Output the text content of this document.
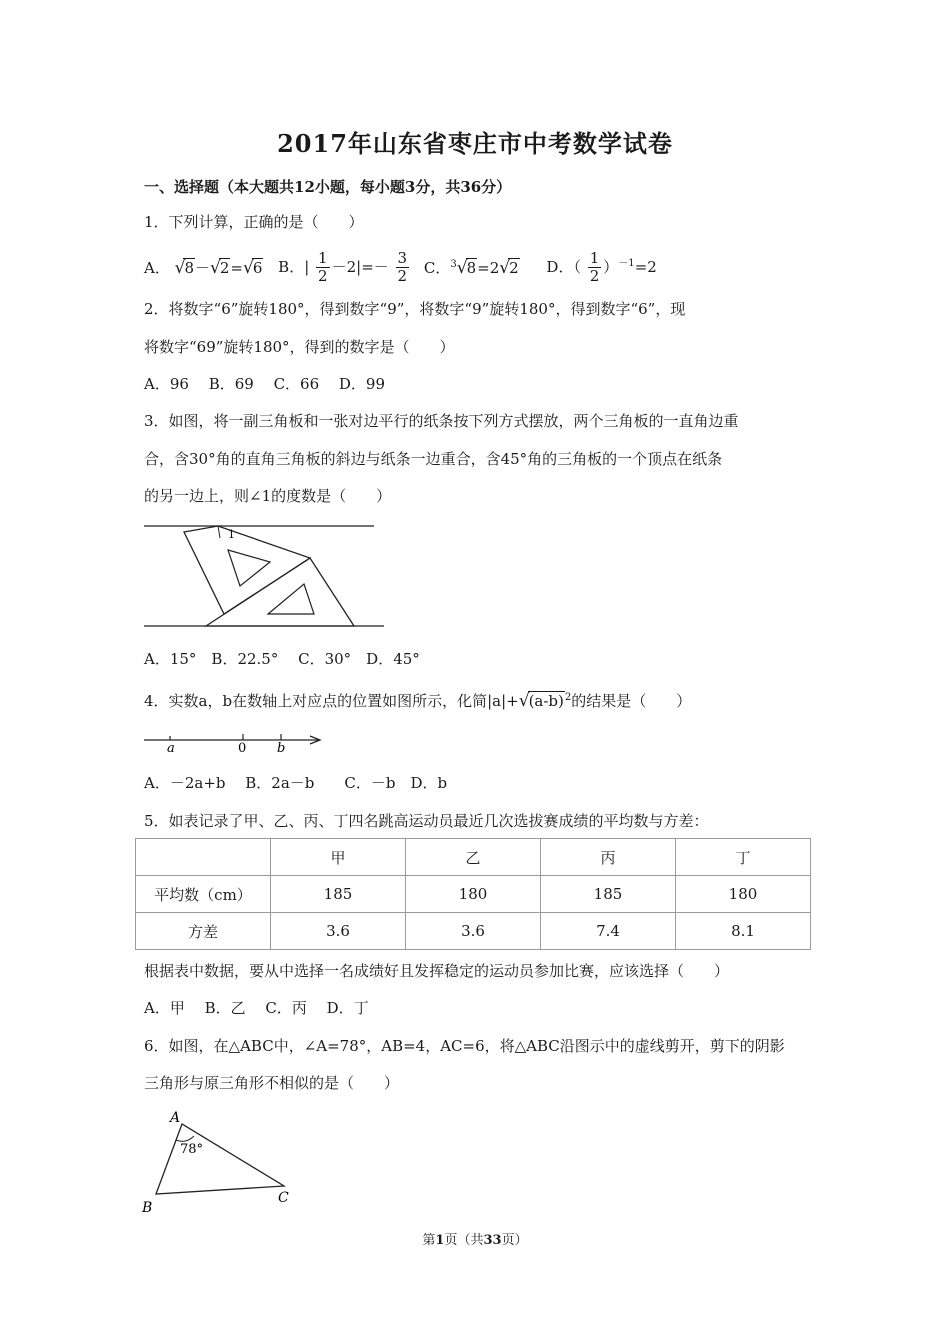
2017年山东省枣庄市中考数学试卷
一、选择题（本大题共12小题，每小题3分，共36分）
1．下列计算，正确的是（　　）
A． √8－√2=√6 B．| $\frac{1}{2} -2|=- \frac{3}{2}$ C．$^3$√8=2√2 D．（ $\frac{1}{2} )^{-1}=2$
2．将数字“6”旋转180°，得到数字“9”，将数字“9”旋转180°，得到数字“6”，现
将数字“69”旋转180°，得到的数字是（　　）
A．96　 B．69　 C．66　 D．99
3．如图，将一副三角板和一张对边平行的纸条按下列方式摆放，两个三角板的一直角边重
合，含30°角的直角三角板的斜边与纸条一边重合，含45°角的三角板的一个顶点在纸条
的另一边上，则∠1的度数是（　　）
1
A．15°　B．22.5°　 C．30°　D．45°
4．实数a，b在数轴上对应点的位置如图所示，化简$|a|+√(a-b)^2$的结果是（　　）
a	0 b
A．－2a+b　 B．2a－b　　C．－b　D．b
5．如表记录了甲、乙、丙、丁四名跳高运动员最近几次选拔赛成绩的平均数与方差：
	甲	乙	丙	丁
平均数（cm）	185	180	185	180
方差	3.6	3.6	7.4	8.1
根据表中数据，要从中选择一名成绩好且发挥稳定的运动员参加比赛，应该选择（　　）
A．甲　 B．乙　 C．丙　 D．丁
6．如图，在△ABC中，∠A=78°，AB=4，AC=6，将△ABC沿图示中的虚线剪开，剪下的阴影
三角形与原三角形不相似的是（　　）
A
B
C
78°
第1页（共33页）
